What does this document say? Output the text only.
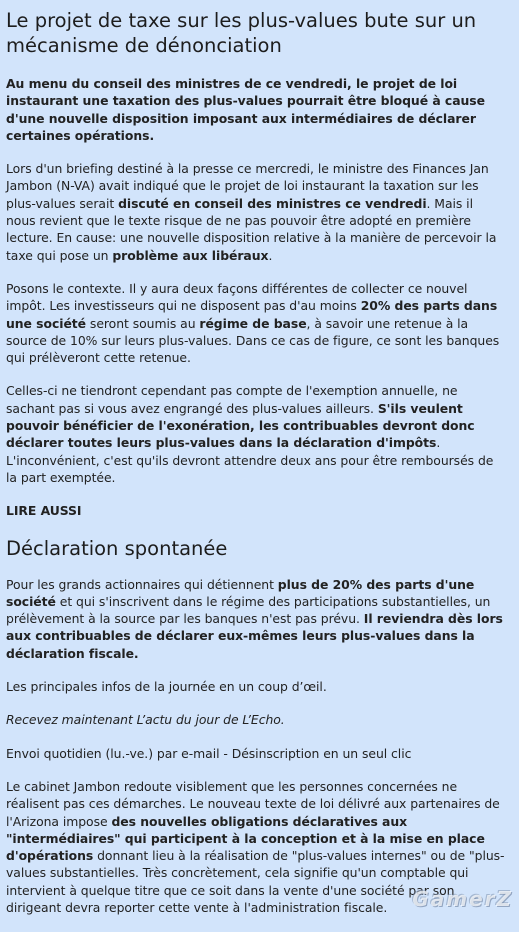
Le projet de taxe sur les plus-values bute sur un mécanisme de dénonciation

Au menu du conseil des ministres de ce vendredi, le projet de loi instaurant une taxation des plus-values pourrait être bloqué à cause d'une nouvelle disposition imposant aux intermédiaires de déclarer certaines opérations.

Lors d'un briefing destiné à la presse ce mercredi, le ministre des Finances Jan Jambon (N-VA) avait indiqué que le projet de loi instaurant la taxation sur les plus-values serait discuté en conseil des ministres ce vendredi. Mais il nous revient que le texte risque de ne pas pouvoir être adopté en première lecture. En cause: une nouvelle disposition relative à la manière de percevoir la taxe qui pose un problème aux libéraux.

Posons le contexte. Il y aura deux façons différentes de collecter ce nouvel impôt. Les investisseurs qui ne disposent pas d'au moins 20% des parts dans une société seront soumis au régime de base, à savoir une retenue à la source de 10% sur leurs plus-values. Dans ce cas de figure, ce sont les banques qui prélèveront cette retenue.

Celles-ci ne tiendront cependant pas compte de l'exemption annuelle, ne sachant pas si vous avez engrangé des plus-values ailleurs. S'ils veulent pouvoir bénéficier de l'exonération, les contribuables devront donc déclarer toutes leurs plus-values dans la déclaration d'impôts. L'inconvénient, c'est qu'ils devront attendre deux ans pour être remboursés de la part exemptée.

LIRE AUSSI

Déclaration spontanée

Pour les grands actionnaires qui détiennent plus de 20% des parts d'une société et qui s'inscrivent dans le régime des participations substantielles, un prélèvement à la source par les banques n'est pas prévu. Il reviendra dès lors aux contribuables de déclarer eux-mêmes leurs plus-values dans la déclaration fiscale.

Les principales infos de la journée en un coup d’œil.

Recevez maintenant L’actu du jour de L’Echo.

Envoi quotidien (lu.-ve.) par e-mail - Désinscription en un seul clic

Le cabinet Jambon redoute visiblement que les personnes concernées ne réalisent pas ces démarches. Le nouveau texte de loi délivré aux partenaires de l'Arizona impose des nouvelles obligations déclaratives aux "intermédiaires" qui participent à la conception et à la mise en place d'opérations donnant lieu à la réalisation de "plus-values internes" ou de "plus-values substantielles. Très concrètement, cela signifie qu'un comptable qui intervient à quelque titre que ce soit dans la vente d'une société par son dirigeant devra reporter cette vente à l'administration fiscale.	GamerZ
